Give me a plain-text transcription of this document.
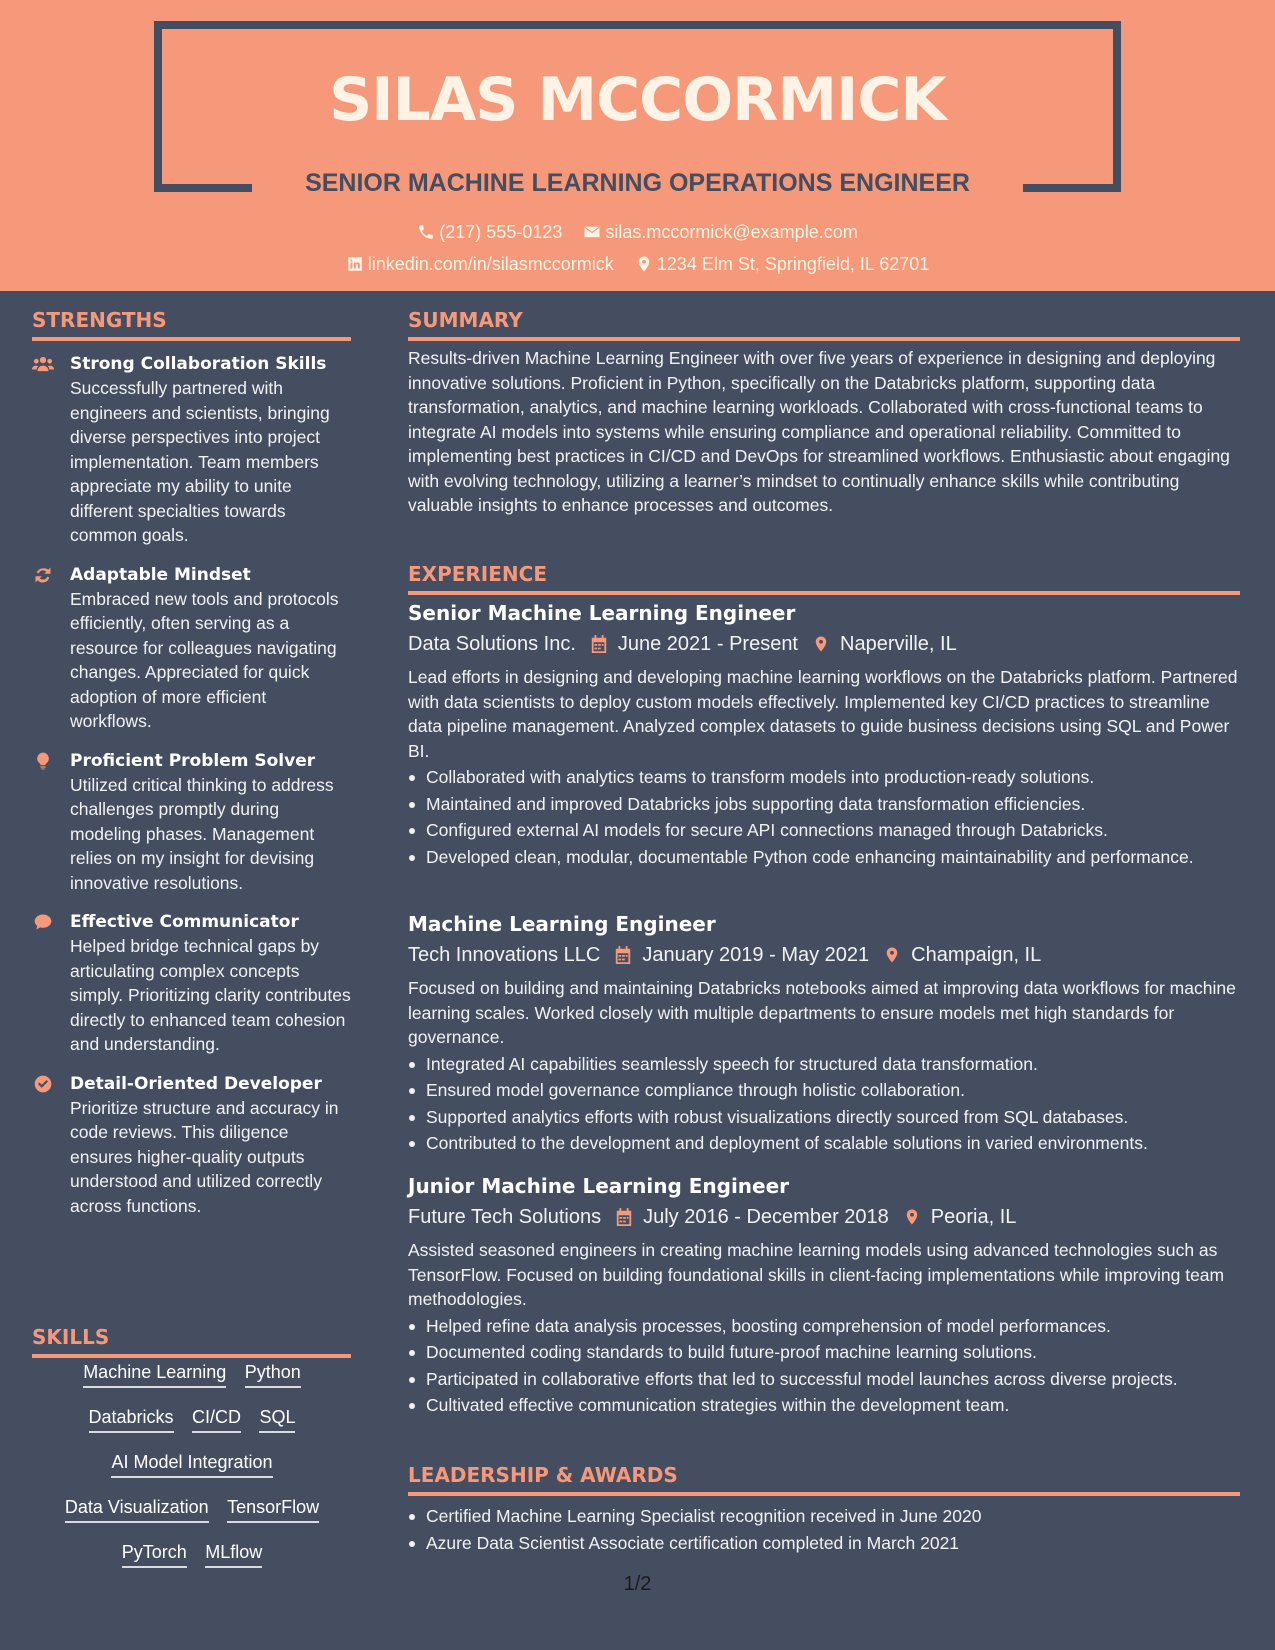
SILAS MCCORMICK
SENIOR MACHINE LEARNING OPERATIONS ENGINEER
(217) 555-0123
silas.mccormick@example.com
linkedin.com/in/silasmccormick
1234 Elm St, Springfield, IL 62701
STRENGTHS
Strong Collaboration Skills
Successfully partnered with engineers and scientists, bringing diverse perspectives into project implementation. Team members appreciate my ability to unite different specialties towards common goals.
Adaptable Mindset
Embraced new tools and protocols efficiently, often serving as a resource for colleagues navigating changes. Appreciated for quick adoption of more efficient workflows.
Proficient Problem Solver
Utilized critical thinking to address challenges promptly during modeling phases. Management relies on my insight for devising innovative resolutions.
Effective Communicator
Helped bridge technical gaps by articulating complex concepts simply. Prioritizing clarity contributes directly to enhanced team cohesion and understanding.
Detail-Oriented Developer
Prioritize structure and accuracy in code reviews. This diligence ensures higher-quality outputs understood and utilized correctly across functions.
SKILLS
Machine Learning Python
Databricks CI/CD SQL
AI Model Integration
Data Visualization TensorFlow
PyTorch MLflow
SUMMARY
Results-driven Machine Learning Engineer with over five years of experience in designing and deploying innovative solutions. Proficient in Python, specifically on the Databricks platform, supporting data transformation, analytics, and machine learning workloads. Collaborated with cross-functional teams to integrate AI models into systems while ensuring compliance and operational reliability. Committed to implementing best practices in CI/CD and DevOps for streamlined workflows. Enthusiastic about engaging with evolving technology, utilizing a learner’s mindset to continually enhance skills while contributing valuable insights to enhance processes and outcomes.
EXPERIENCE
Senior Machine Learning Engineer
Data Solutions Inc. June 2021 - Present Naperville, IL
Lead efforts in designing and developing machine learning workflows on the Databricks platform. Partnered with data scientists to deploy custom models effectively. Implemented key CI/CD practices to streamline data pipeline management. Analyzed complex datasets to guide business decisions using SQL and Power BI.
Collaborated with analytics teams to transform models into production-ready solutions.
Maintained and improved Databricks jobs supporting data transformation efficiencies.
Configured external AI models for secure API connections managed through Databricks.
Developed clean, modular, documentable Python code enhancing maintainability and performance.
Machine Learning Engineer
Tech Innovations LLC January 2019 - May 2021 Champaign, IL
Focused on building and maintaining Databricks notebooks aimed at improving data workflows for machine learning scales. Worked closely with multiple departments to ensure models met high standards for governance.
Integrated AI capabilities seamlessly speech for structured data transformation.
Ensured model governance compliance through holistic collaboration.
Supported analytics efforts with robust visualizations directly sourced from SQL databases.
Contributed to the development and deployment of scalable solutions in varied environments.
Junior Machine Learning Engineer
Future Tech Solutions July 2016 - December 2018 Peoria, IL
Assisted seasoned engineers in creating machine learning models using advanced technologies such as TensorFlow. Focused on building foundational skills in client-facing implementations while improving team methodologies.
Helped refine data analysis processes, boosting comprehension of model performances.
Documented coding standards to build future-proof machine learning solutions.
Participated in collaborative efforts that led to successful model launches across diverse projects.
Cultivated effective communication strategies within the development team.
LEADERSHIP & AWARDS
Certified Machine Learning Specialist recognition received in June 2020
Azure Data Scientist Associate certification completed in March 2021
1/2
